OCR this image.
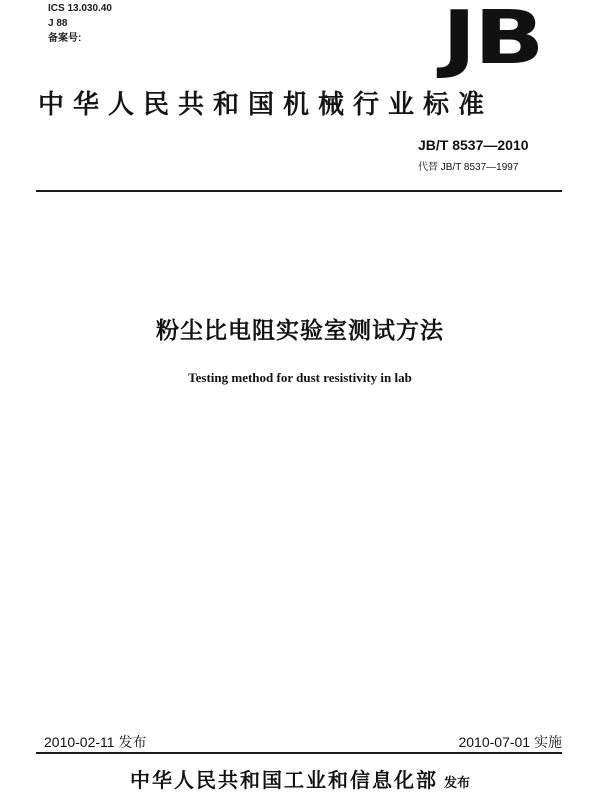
ICS 13.030.40
J 88
备案号:	JB
中华人民共和国机械行业标准
JB/T 8537—2010
代替 JB/T 8537—1997
粉尘比电阻实验室测试方法
Testing method for dust resistivity in lab
2010-02-11 发布	2010-07-01 实施
中华人民共和国工业和信息化部 发布
